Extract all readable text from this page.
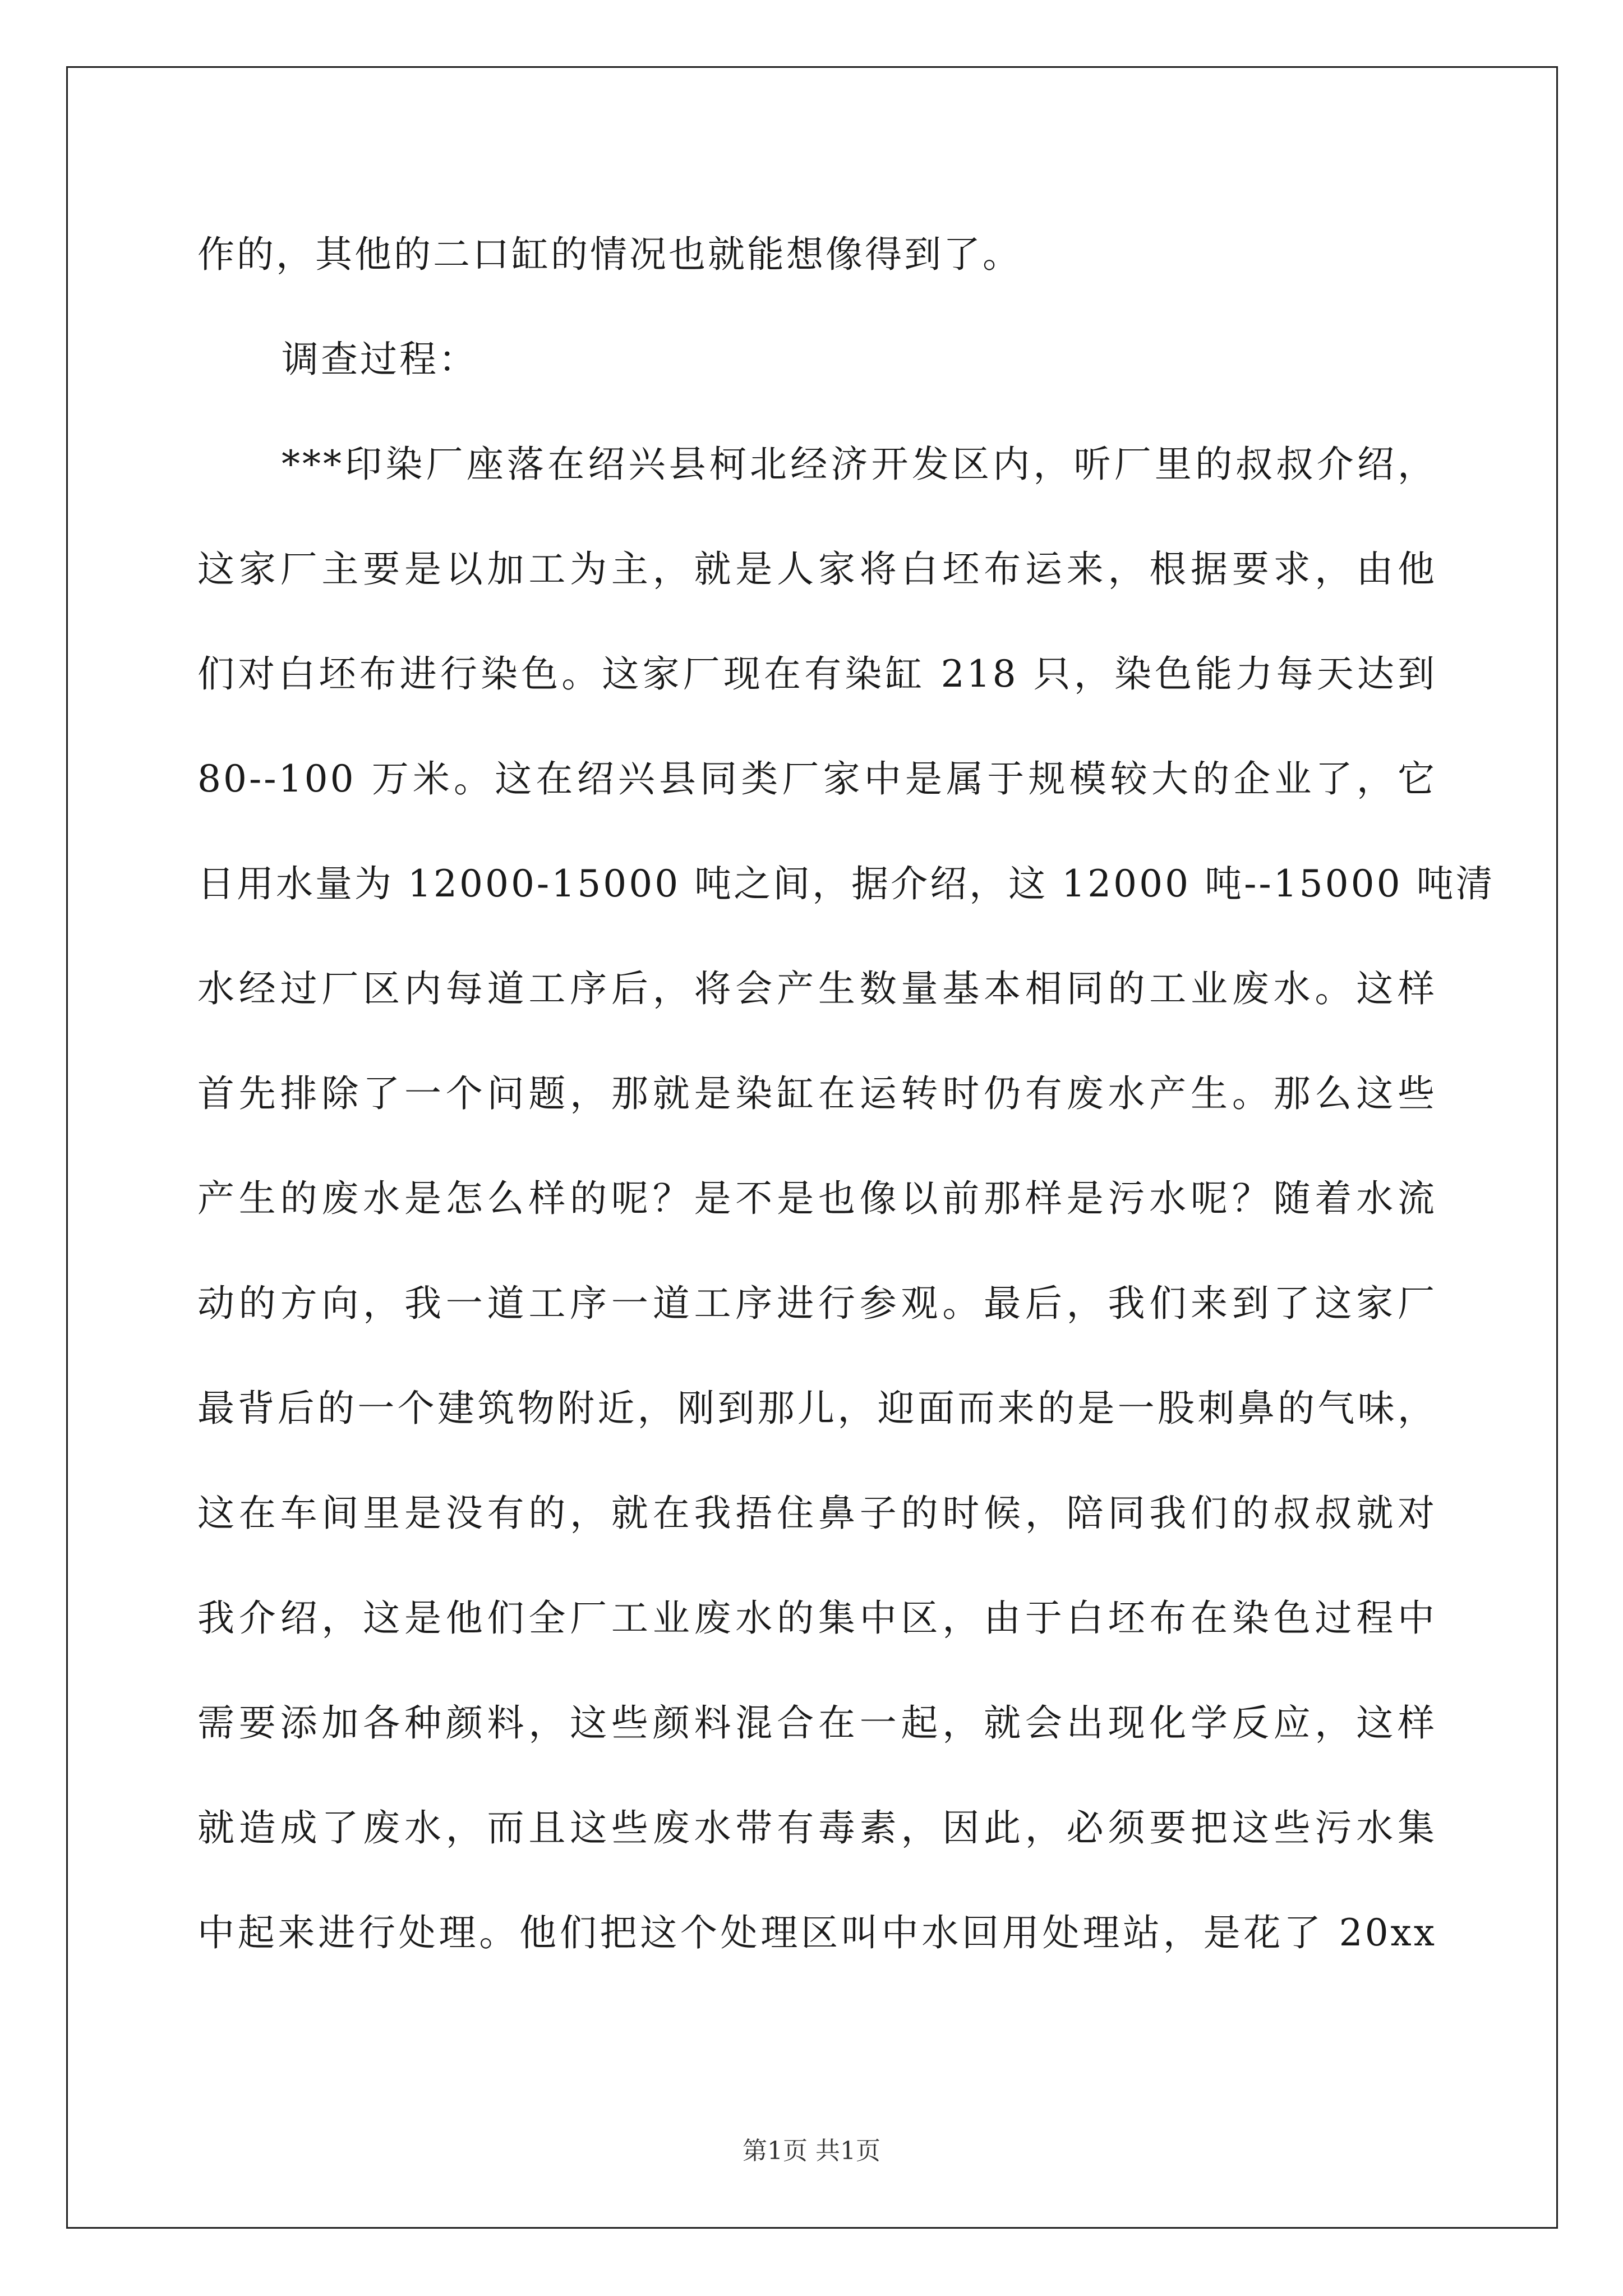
作的，其他的二口缸的情况也就能想像得到了。
调查过程：
***印染厂座落在绍兴县柯北经济开发区内，听厂里的叔叔介绍，
这家厂主要是以加工为主，就是人家将白坯布运来，根据要求，由他
们对白坯布进行染色。这家厂现在有染缸 218 只，染色能力每天达到
80--100 万米。这在绍兴县同类厂家中是属于规模较大的企业了，它
日用水量为 12000-15000 吨之间，据介绍，这 12000 吨--15000 吨清
水经过厂区内每道工序后，将会产生数量基本相同的工业废水。这样
首先排除了一个问题，那就是染缸在运转时仍有废水产生。那么这些
产生的废水是怎么样的呢？是不是也像以前那样是污水呢？随着水流
动的方向，我一道工序一道工序进行参观。最后，我们来到了这家厂
最背后的一个建筑物附近，刚到那儿，迎面而来的是一股刺鼻的气味，
这在车间里是没有的，就在我捂住鼻子的时候，陪同我们的叔叔就对
我介绍，这是他们全厂工业废水的集中区，由于白坯布在染色过程中
需要添加各种颜料，这些颜料混合在一起，就会出现化学反应，这样
就造成了废水，而且这些废水带有毒素，因此，必须要把这些污水集
中起来进行处理。他们把这个处理区叫中水回用处理站，是花了 20xx
第1页 共1页
